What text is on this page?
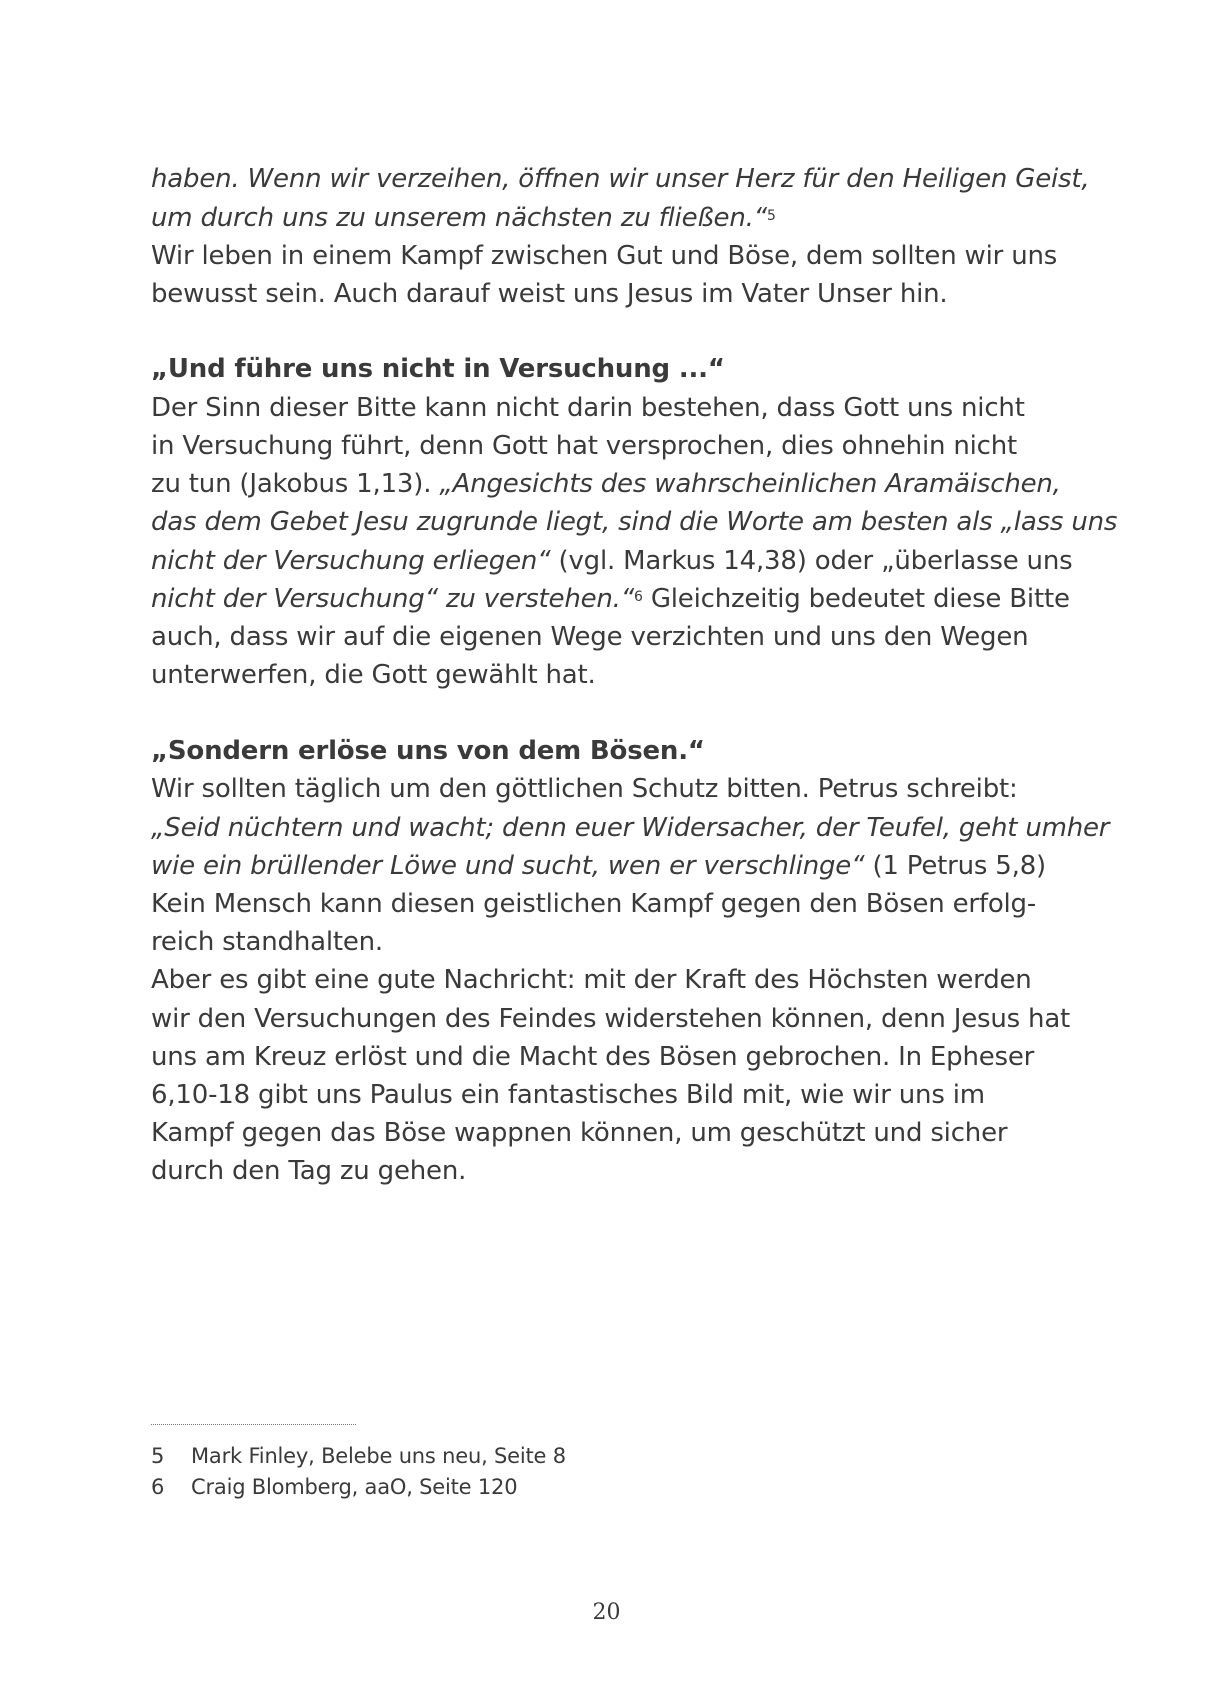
haben. Wenn wir verzeihen, öffnen wir unser Herz für den Heiligen Geist,
um durch uns zu unserem nächsten zu fließen.“$^5$
Wir leben in einem Kampf zwischen Gut und Böse, dem sollten wir uns
bewusst sein. Auch darauf weist uns Jesus im Vater Unser hin.
„Und führe uns nicht in Versuchung ...“
Der Sinn dieser Bitte kann nicht darin bestehen, dass Gott uns nicht
in Versuchung führt, denn Gott hat versprochen, dies ohnehin nicht
zu tun (Jakobus 1,13). „Angesichts des wahrscheinlichen Aramäischen,
das dem Gebet Jesu zugrunde liegt, sind die Worte am besten als „lass uns
nicht der Versuchung erliegen“ (vgl. Markus 14,38) oder „überlasse uns
nicht der Versuchung“ zu verstehen.“$^6$ Gleichzeitig bedeutet diese Bitte
auch, dass wir auf die eigenen Wege verzichten und uns den Wegen
unterwerfen, die Gott gewählt hat.
„Sondern erlöse uns von dem Bösen.“
Wir sollten täglich um den göttlichen Schutz bitten. Petrus schreibt:
„Seid nüchtern und wacht; denn euer Widersacher, der Teufel, geht umher
wie ein brüllender Löwe und sucht, wen er verschlinge“ (1 Petrus 5,8)
Kein Mensch kann diesen geistlichen Kampf gegen den Bösen erfolg-
reich standhalten.
Aber es gibt eine gute Nachricht: mit der Kraft des Höchsten werden
wir den Versuchungen des Feindes widerstehen können, denn Jesus hat
uns am Kreuz erlöst und die Macht des Bösen gebrochen. In Epheser
6,10-18 gibt uns Paulus ein fantastisches Bild mit, wie wir uns im
Kampf gegen das Böse wappnen können, um geschützt und sicher
durch den Tag zu gehen.
5 Mark Finley, Belebe uns neu, Seite 8
6 Craig Blomberg, aaO, Seite 120
20
